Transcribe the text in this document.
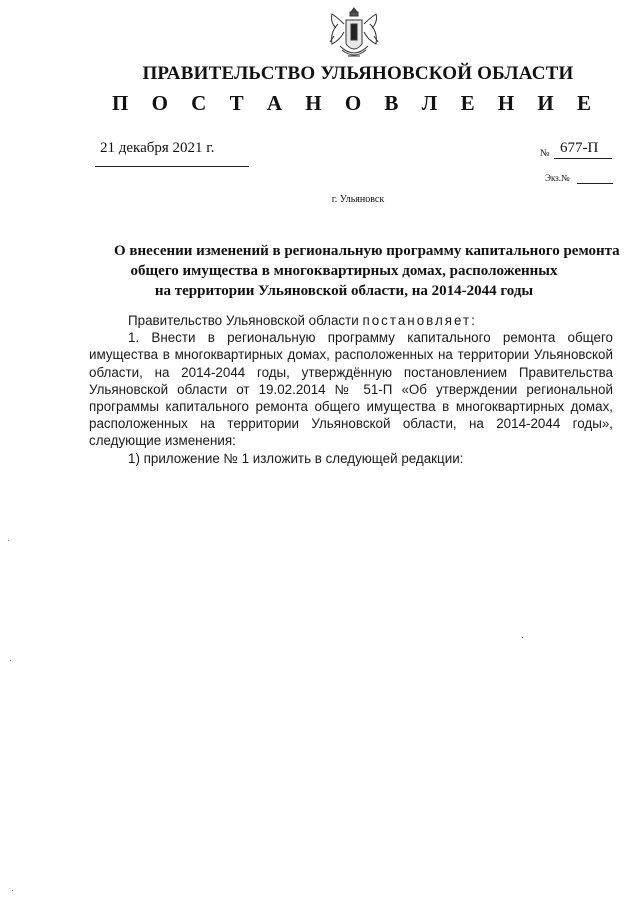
ПРАВИТЕЛЬСТВО УЛЬЯНОВСКОЙ ОБЛАСТИ
П О С Т А Н О В Л Е Н И Е
21 декабря 2021 г.	№ 677-П
Экз.№
г. Ульяновск
О внесении изменений в региональную программу капитального ремонта
общего имущества в многоквартирных домах, расположенных
на территории Ульяновской области, на 2014-2044 годы

Правительство Ульяновской области постановляет:

1. Внести в региональную программу капитального ремонта общего имущества в многоквартирных домах, расположенных на территории Ульяновской области, на 2014-2044 годы, утверждённую постановлением Правительства Ульяновской области от 19.02.2014 № 51-П «Об утверждении региональной программы капитального ремонта общего имущества в многоквартирных домах, расположенных на территории Ульяновской области, на 2014-2044 годы», следующие изменения:

1) приложение № 1 изложить в следующей редакции:
